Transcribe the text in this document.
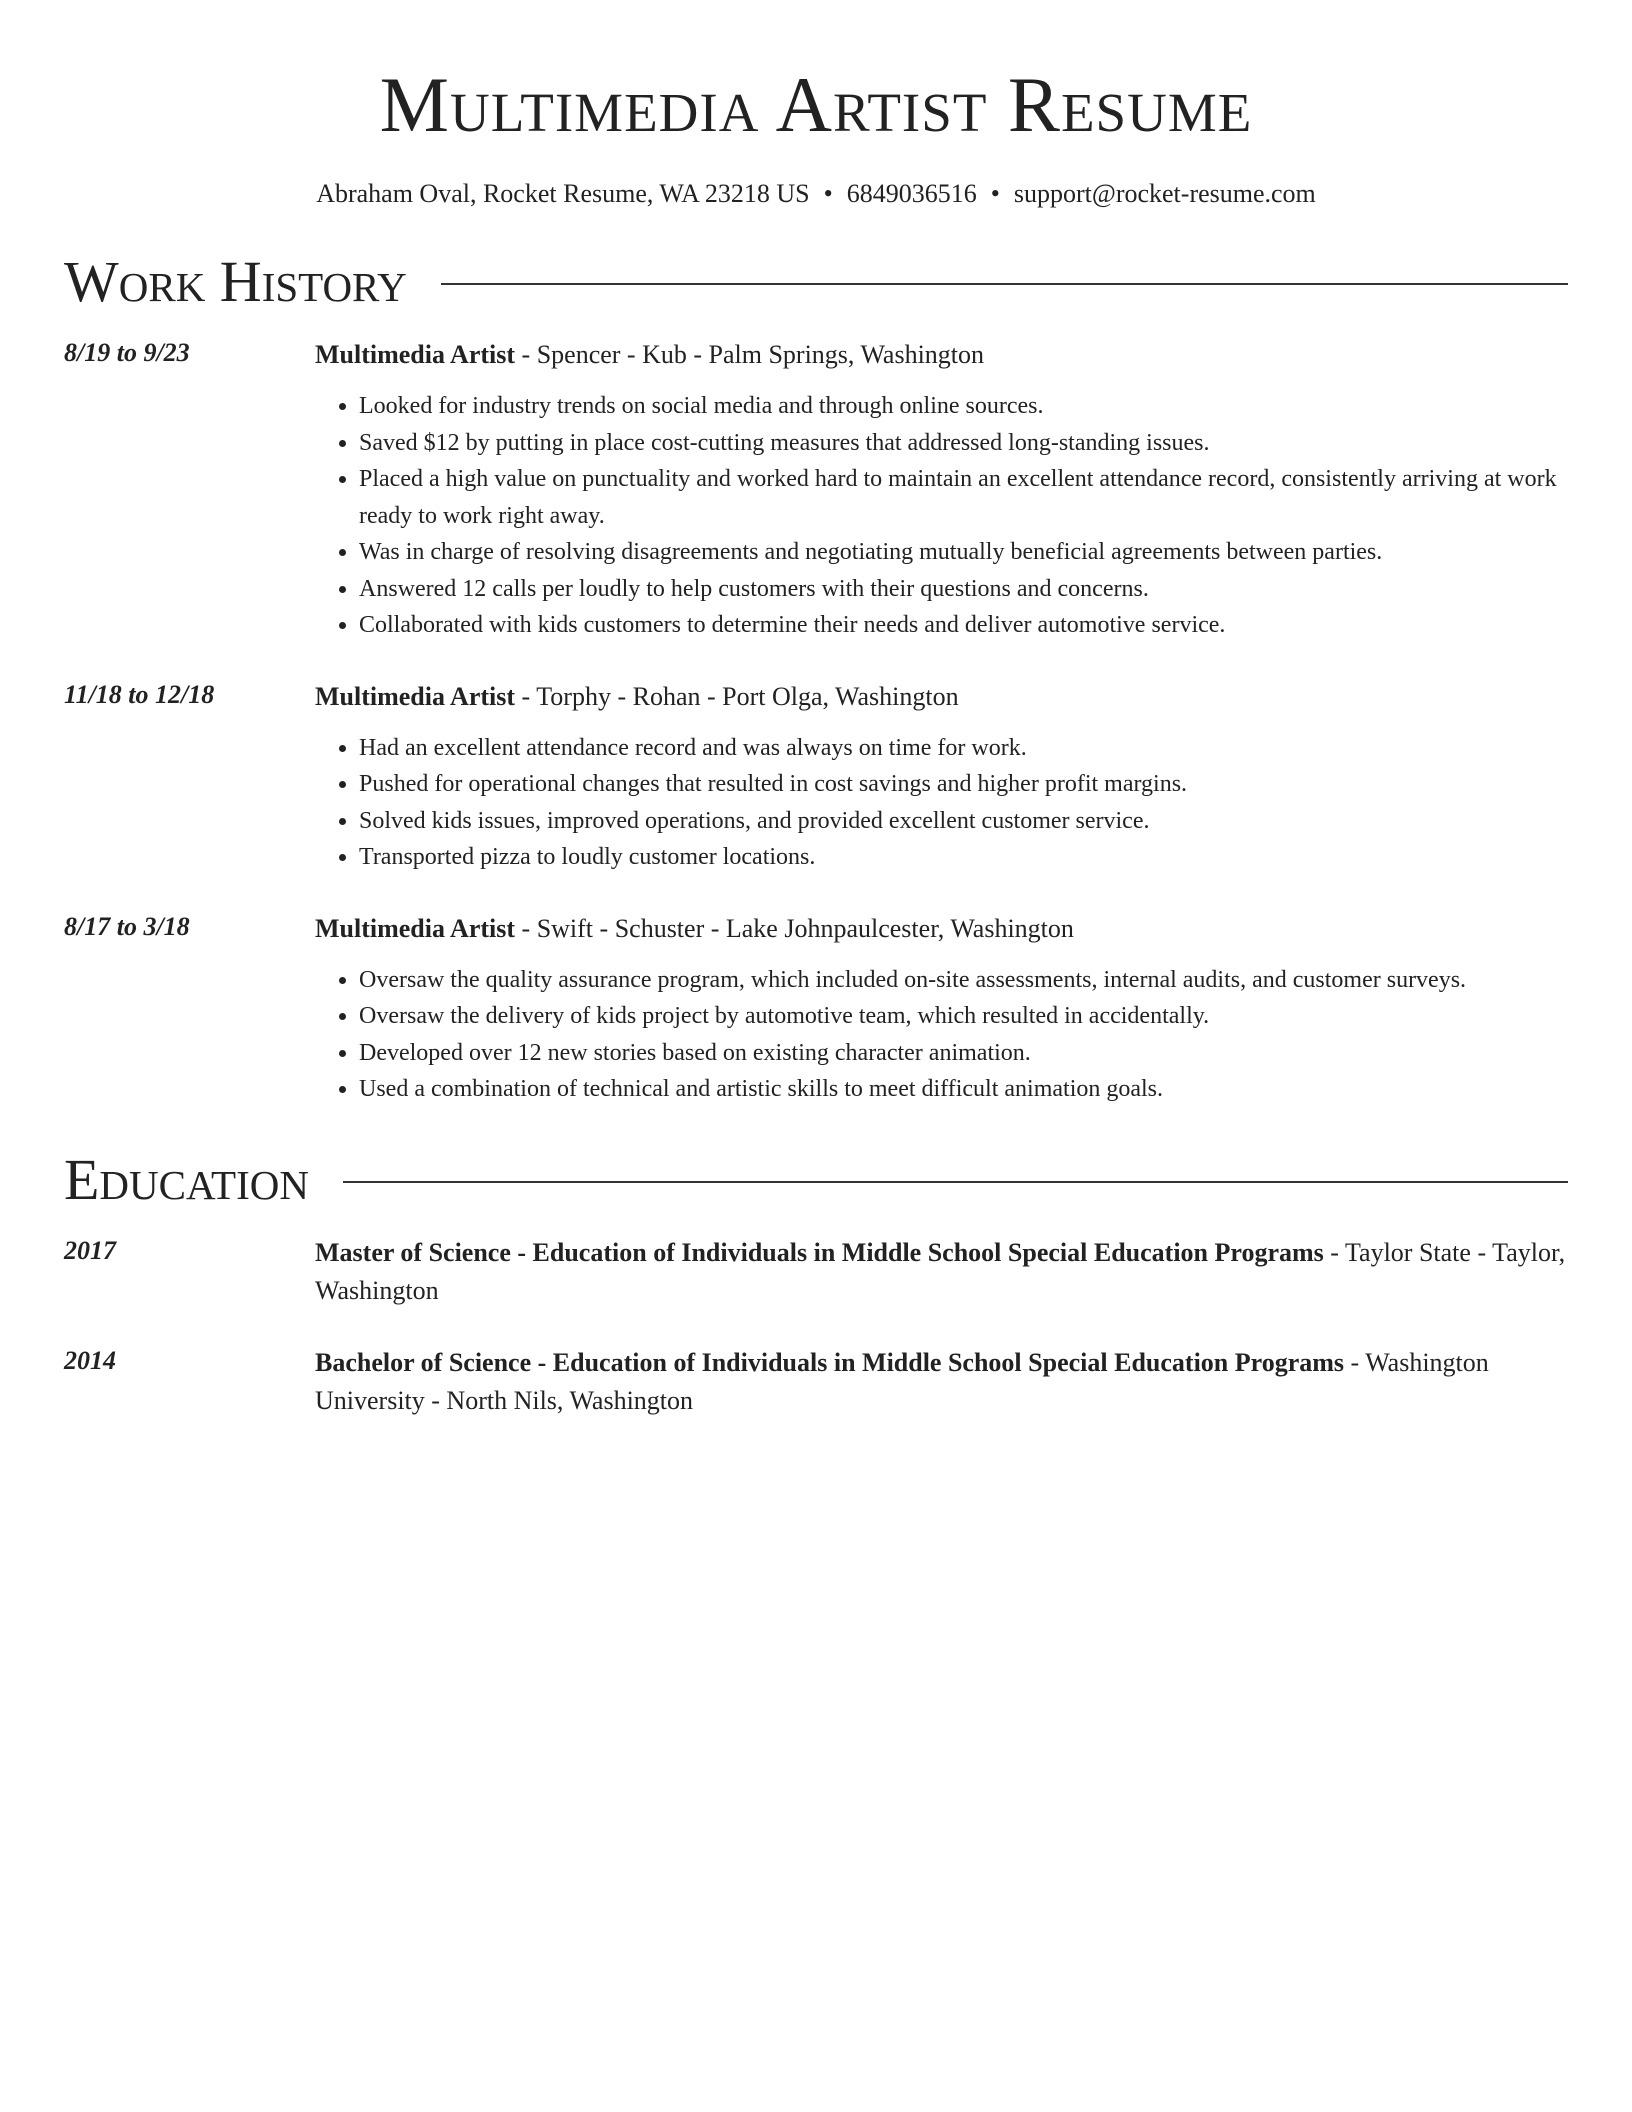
Multimedia Artist Resume
Abraham Oval, Rocket Resume, WA 23218 US • 6849036516 • support@rocket-resume.com
Work History
8/19 to 9/23	Multimedia Artist - Spencer - Kub - Palm Springs, Washington
• Looked for industry trends on social media and through online sources.
• Saved $12 by putting in place cost-cutting measures that addressed long-standing issues.
• Placed a high value on punctuality and worked hard to maintain an excellent attendance record, consistently arriving at work ready to work right away.
• Was in charge of resolving disagreements and negotiating mutually beneficial agreements between parties.
• Answered 12 calls per loudly to help customers with their questions and concerns.
• Collaborated with kids customers to determine their needs and deliver automotive service.
11/18 to 12/18	Multimedia Artist - Torphy - Rohan - Port Olga, Washington
• Had an excellent attendance record and was always on time for work.
• Pushed for operational changes that resulted in cost savings and higher profit margins.
• Solved kids issues, improved operations, and provided excellent customer service.
• Transported pizza to loudly customer locations.
8/17 to 3/18	Multimedia Artist - Swift - Schuster - Lake Johnpaulcester, Washington
• Oversaw the quality assurance program, which included on-site assessments, internal audits, and customer surveys.
• Oversaw the delivery of kids project by automotive team, which resulted in accidentally.
• Developed over 12 new stories based on existing character animation.
• Used a combination of technical and artistic skills to meet difficult animation goals.
Education
2017	Master of Science - Education of Individuals in Middle School Special Education Programs - Taylor State - Taylor, Washington
2014	Bachelor of Science - Education of Individuals in Middle School Special Education Programs - Washington University - North Nils, Washington
